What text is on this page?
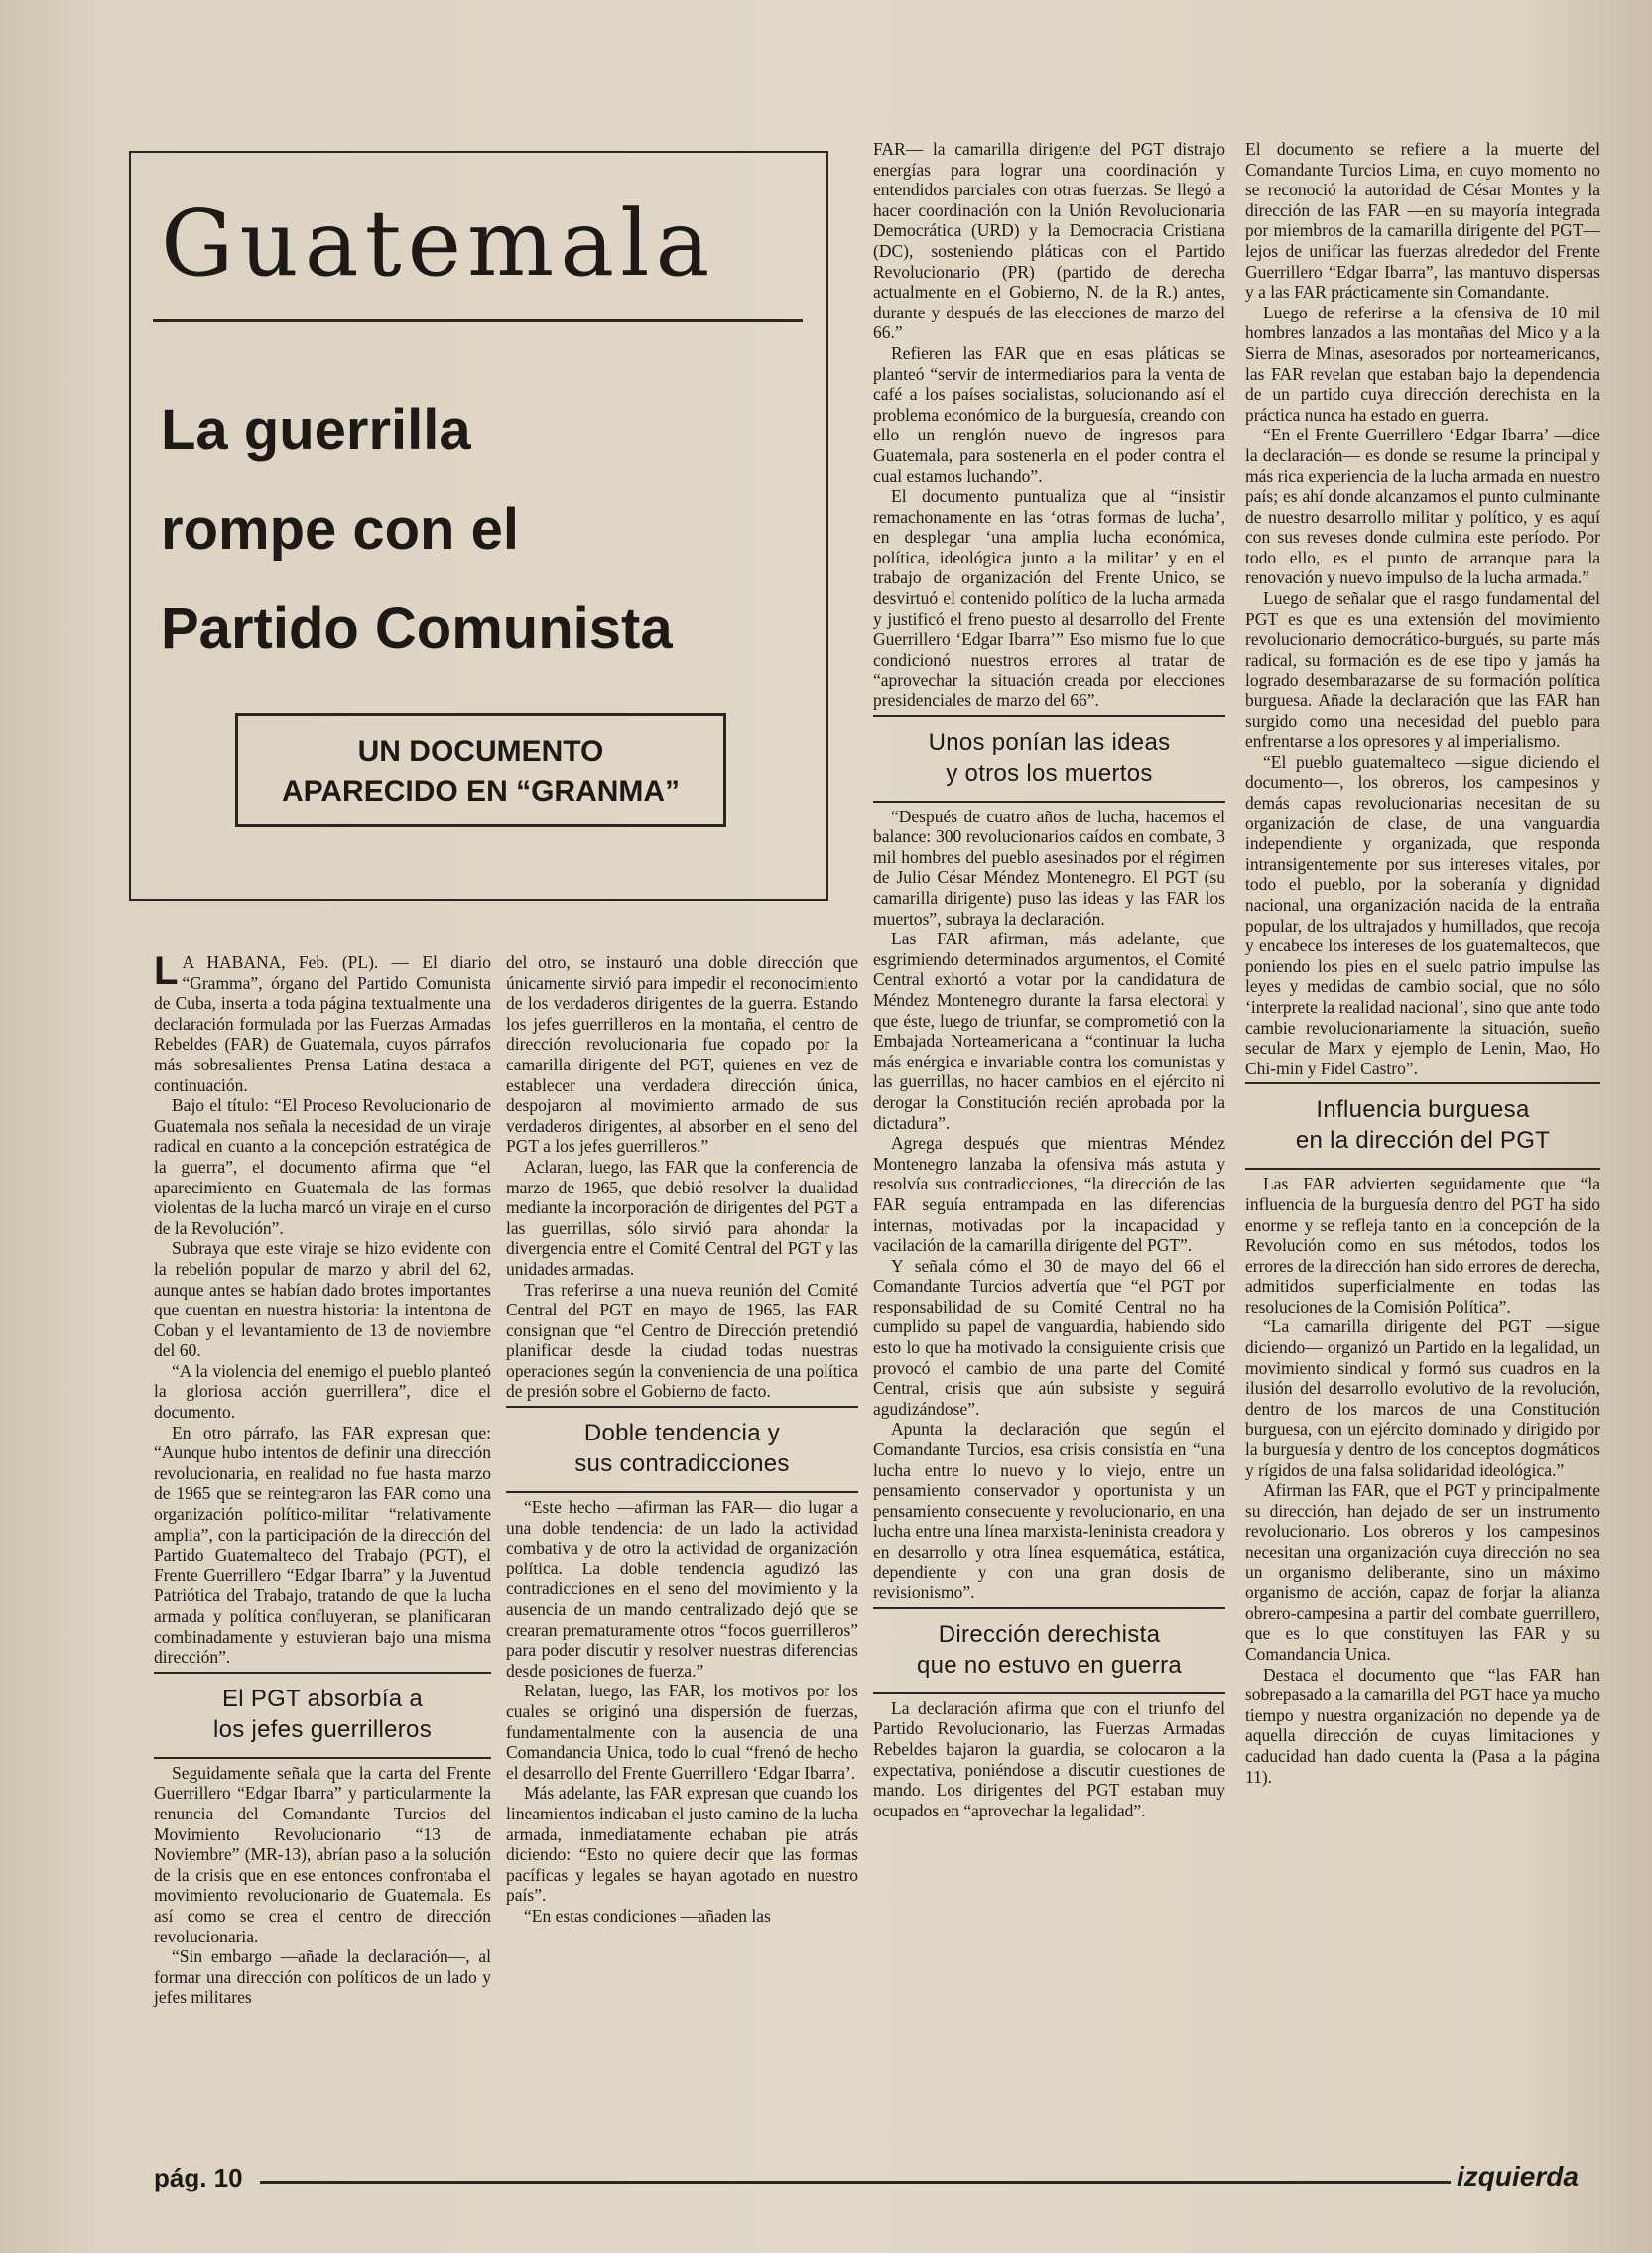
Guatemala
La guerrilla
rompe con el
Partido Comunista
UN DOCUMENTO
APARECIDO EN “GRANMA”

L A HABANA, Feb. (PL). — El diario “Gramma”, órgano del Partido Comunista de Cuba, inserta a toda página textualmente una declaración formulada por las Fuerzas Armadas Rebeldes (FAR) de Guatemala, cuyos párrafos más sobresalientes Prensa Latina destaca a continuación.

Bajo el título: “El Proceso Revolucionario de Guatemala nos señala la necesidad de un viraje radical en cuanto a la concepción estratégica de la guerra”, el documento afirma que “el aparecimiento en Guatemala de las formas violentas de la lucha marcó un viraje en el curso de la Revolución”.

Subraya que este viraje se hizo evidente con la rebelión popular de marzo y abril del 62, aunque antes se habían dado brotes importantes que cuentan en nuestra historia: la intentona de Coban y el levantamiento de 13 de noviembre del 60.

“A la violencia del enemigo el pueblo planteó la gloriosa acción guerrillera”, dice el documento.

En otro párrafo, las FAR expresan que: “Aunque hubo intentos de definir una dirección revolucionaria, en realidad no fue hasta marzo de 1965 que se reintegraron las FAR como una organización político-militar “relativamente amplia”, con la participación de la dirección del Partido Guatemalteco del Trabajo (PGT), el Frente Guerrillero “Edgar Ibarra” y la Juventud Patriótica del Trabajo, tratando de que la lucha armada y política confluyeran, se planificaran combinadamente y estuvieran bajo una misma dirección”.

El PGT absorbía a
los jefes guerrilleros

Seguidamente señala que la carta del Frente Guerrillero “Edgar Ibarra” y particularmente la renuncia del Comandante Turcios del Movimiento Revolucionario “13 de Noviembre” (MR-13), abrían paso a la solución de la crisis que en ese entonces confrontaba el movimiento revolucionario de Guatemala. Es así como se crea el centro de dirección revolucionaria.

“Sin embargo —añade la declaración—, al formar una dirección con políticos de un lado y jefes militares

del otro, se instauró una doble dirección que únicamente sirvió para impedir el reconocimiento de los verdaderos dirigentes de la guerra. Estando los jefes guerrilleros en la montaña, el centro de dirección revolucionaria fue copado por la camarilla dirigente del PGT, quienes en vez de establecer una verdadera dirección única, despojaron al movimiento armado de sus verdaderos dirigentes, al absorber en el seno del PGT a los jefes guerrilleros.”

Aclaran, luego, las FAR que la conferencia de marzo de 1965, que debió resolver la dualidad mediante la incorporación de dirigentes del PGT a las guerrillas, sólo sirvió para ahondar la divergencia entre el Comité Central del PGT y las unidades armadas.

Tras referirse a una nueva reunión del Comité Central del PGT en mayo de 1965, las FAR consignan que “el Centro de Dirección pretendió planificar desde la ciudad todas nuestras operaciones según la conveniencia de una política de presión sobre el Gobierno de facto.

Doble tendencia y
sus contradicciones

“Este hecho —afirman las FAR— dio lugar a una doble tendencia: de un lado la actividad combativa y de otro la actividad de organización política. La doble tendencia agudizó las contradicciones en el seno del movimiento y la ausencia de un mando centralizado dejó que se crearan prematuramente otros “focos guerrilleros” para poder discutir y resolver nuestras diferencias desde posiciones de fuerza.”

Relatan, luego, las FAR, los motivos por los cuales se originó una dispersión de fuerzas, fundamentalmente con la ausencia de una Comandancia Unica, todo lo cual “frenó de hecho el desarrollo del Frente Guerrillero ‘Edgar Ibarra’.

Más adelante, las FAR expresan que cuando los lineamientos indicaban el justo camino de la lucha armada, inmediatamente echaban pie atrás diciendo: “Esto no quiere decir que las formas pacíficas y legales se hayan agotado en nuestro país”.

“En estas condiciones —añaden las

FAR— la camarilla dirigente del PGT distrajo energías para lograr una coordinación y entendidos parciales con otras fuerzas. Se llegó a hacer coordinación con la Unión Revolucionaria Democrática (URD) y la Democracia Cristiana (DC), sosteniendo pláticas con el Partido Revolucionario (PR) (partido de derecha actualmente en el Gobierno, N. de la R.) antes, durante y después de las elecciones de marzo del 66.”

Refieren las FAR que en esas pláticas se planteó “servir de intermediarios para la venta de café a los países socialistas, solucionando así el problema económico de la burguesía, creando con ello un renglón nuevo de ingresos para Guatemala, para sostenerla en el poder contra el cual estamos luchando”.

El documento puntualiza que al “insistir remachonamente en las ‘otras formas de lucha’, en desplegar ‘una amplia lucha económica, política, ideológica junto a la militar’ y en el trabajo de organización del Frente Unico, se desvirtuó el contenido político de la lucha armada y justificó el freno puesto al desarrollo del Frente Guerrillero ‘Edgar Ibarra’” Eso mismo fue lo que condicionó nuestros errores al tratar de “aprovechar la situación creada por elecciones presidenciales de marzo del 66”.

Unos ponían las ideas
y otros los muertos

“Después de cuatro años de lucha, hacemos el balance: 300 revolucionarios caídos en combate, 3 mil hombres del pueblo asesinados por el régimen de Julio César Méndez Montenegro. El PGT (su camarilla dirigente) puso las ideas y las FAR los muertos”, subraya la declaración.

Las FAR afirman, más adelante, que esgrimiendo determinados argumentos, el Comité Central exhortó a votar por la candidatura de Méndez Montenegro durante la farsa electoral y que éste, luego de triunfar, se comprometió con la Embajada Norteamericana a “continuar la lucha más enérgica e invariable contra los comunistas y las guerrillas, no hacer cambios en el ejército ni derogar la Constitución recién aprobada por la dictadura”.

Agrega después que mientras Méndez Montenegro lanzaba la ofensiva más astuta y resolvía sus contradicciones, “la dirección de las FAR seguía entrampada en las diferencias internas, motivadas por la incapacidad y vacilación de la camarilla dirigente del PGT”.

Y señala cómo el 30 de mayo del 66 el Comandante Turcios advertía que “el PGT por responsabilidad de su Comité Central no ha cumplido su papel de vanguardia, habiendo sido esto lo que ha motivado la consiguiente crisis que provocó el cambio de una parte del Comité Central, crisis que aún subsiste y seguirá agudizándose”.

Apunta la declaración que según el Comandante Turcios, esa crisis consistía en “una lucha entre lo nuevo y lo viejo, entre un pensamiento conservador y oportunista y un pensamiento consecuente y revolucionario, en una lucha entre una línea marxista-leninista creadora y en desarrollo y otra línea esquemática, estática, dependiente y con una gran dosis de revisionismo”.

Dirección derechista
que no estuvo en guerra

La declaración afirma que con el triunfo del Partido Revolucionario, las Fuerzas Armadas Rebeldes bajaron la guardia, se colocaron a la expectativa, poniéndose a discutir cuestiones de mando. Los dirigentes del PGT estaban muy ocupados en “aprovechar la legalidad”.

El documento se refiere a la muerte del Comandante Turcios Lima, en cuyo momento no se reconoció la autoridad de César Montes y la dirección de las FAR —en su mayoría integrada por miembros de la camarilla dirigente del PGT— lejos de unificar las fuerzas alrededor del Frente Guerrillero “Edgar Ibarra”, las mantuvo dispersas y a las FAR prácticamente sin Comandante.

Luego de referirse a la ofensiva de 10 mil hombres lanzados a las montañas del Mico y a la Sierra de Minas, asesorados por norteamericanos, las FAR revelan que estaban bajo la dependencia de un partido cuya dirección derechista en la práctica nunca ha estado en guerra.

“En el Frente Guerrillero ‘Edgar Ibarra’ —dice la declaración— es donde se resume la principal y más rica experiencia de la lucha armada en nuestro país; es ahí donde alcanzamos el punto culminante de nuestro desarrollo militar y político, y es aquí con sus reveses donde culmina este período. Por todo ello, es el punto de arranque para la renovación y nuevo impulso de la lucha armada.”

Luego de señalar que el rasgo fundamental del PGT es que es una extensión del movimiento revolucionario democrático-burgués, su parte más radical, su formación es de ese tipo y jamás ha logrado desembarazarse de su formación política burguesa. Añade la declaración que las FAR han surgido como una necesidad del pueblo para enfrentarse a los opresores y al imperialismo.

“El pueblo guatemalteco —sigue diciendo el documento—, los obreros, los campesinos y demás capas revolucionarias necesitan de su organización de clase, de una vanguardia independiente y organizada, que responda intransigentemente por sus intereses vitales, por todo el pueblo, por la soberanía y dignidad nacional, una organización nacida de la entraña popular, de los ultrajados y humillados, que recoja y encabece los intereses de los guatemaltecos, que poniendo los pies en el suelo patrio impulse las leyes y medidas de cambio social, que no sólo ‘interprete la realidad nacional’, sino que ante todo cambie revolucionariamente la situación, sueño secular de Marx y ejemplo de Lenin, Mao, Ho Chi-min y Fidel Castro”.

Influencia burguesa
en la dirección del PGT

Las FAR advierten seguidamente que “la influencia de la burguesía dentro del PGT ha sido enorme y se refleja tanto en la concepción de la Revolución como en sus métodos, todos los errores de la dirección han sido errores de derecha, admitidos superficialmente en todas las resoluciones de la Comisión Política”.

“La camarilla dirigente del PGT —sigue diciendo— organizó un Partido en la legalidad, un movimiento sindical y formó sus cuadros en la ilusión del desarrollo evolutivo de la revolución, dentro de los marcos de una Constitución burguesa, con un ejército dominado y dirigido por la burguesía y dentro de los conceptos dogmáticos y rígidos de una falsa solidaridad ideológica.”

Afirman las FAR, que el PGT y principalmente su dirección, han dejado de ser un instrumento revolucionario. Los obreros y los campesinos necesitan una organización cuya dirección no sea un organismo deliberante, sino un máximo organismo de acción, capaz de forjar la alianza obrero-campesina a partir del combate guerrillero, que es lo que constituyen las FAR y su Comandancia Unica.

Destaca el documento que “las FAR han sobrepasado a la camarilla del PGT hace ya mucho tiempo y nuestra organización no depende ya de aquella dirección de cuyas limitaciones y caducidad han dado cuenta la (Pasa a la página 11).

pág. 10	izquierda
